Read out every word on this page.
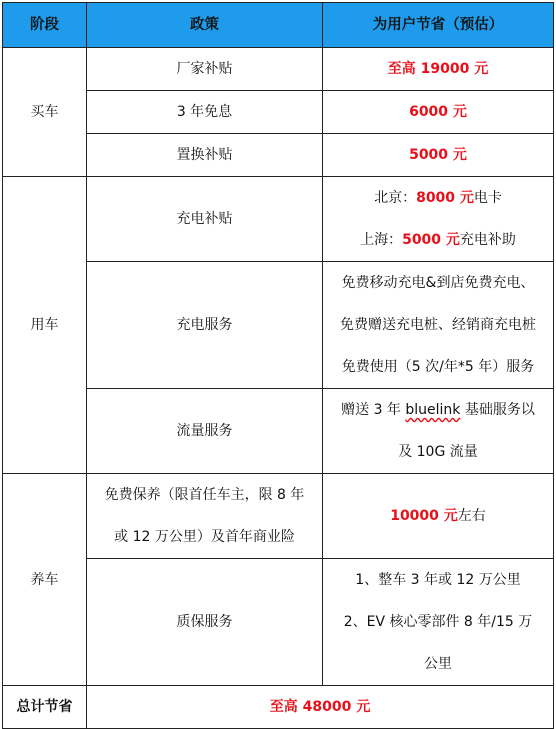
阶段	政策	为用户节省（预估）
买车	厂家补贴	至高 19000 元
	3 年免息	6000 元
	置换补贴	5000 元
用车	充电补贴	北京：8000 元电卡
上海：5000 元充电补助

	充电服务	免费移动充电&到店免费充电、
免费赠送充电桩、经销商充电桩
免费使用（5 次/年*5 年）服务

	流量服务	赠送 3 年 bluelink 基础服务以
及 10G 流量

养车	免费保养（限首任车主，限 8 年
或 12 万公里）及首年商业险	10000 元左右
	质保服务	1、整车 3 年或 12 万公里
2、EV 核心零部件 8 年/15 万
公里

总计节省	至高 48000 元	
